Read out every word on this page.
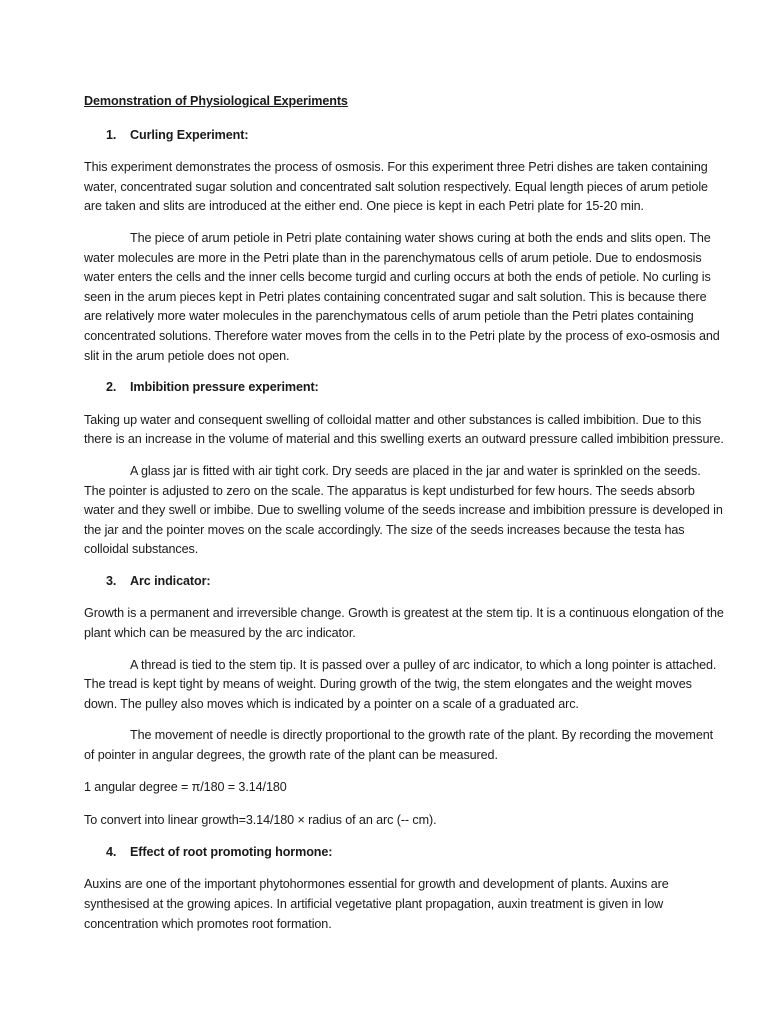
Demonstration of Physiological Experiments
1.	Curling Experiment:

This experiment demonstrates the process of osmosis. For this experiment three Petri dishes are taken containing water, concentrated sugar solution and concentrated salt solution respectively. Equal length pieces of arum petiole are taken and slits are introduced at the either end. One piece is kept in each Petri plate for 15-20 min.

The piece of arum petiole in Petri plate containing water shows curing at both the ends and slits open. The water molecules are more in the Petri plate than in the parenchymatous cells of arum petiole. Due to endosmosis water enters the cells and the inner cells become turgid and curling occurs at both the ends of petiole. No curling is seen in the arum pieces kept in Petri plates containing concentrated sugar and salt solution. This is because there are relatively more water molecules in the parenchymatous cells of arum petiole than the Petri plates containing concentrated solutions. Therefore water moves from the cells in to the Petri plate by the process of exo-osmosis and slit in the arum petiole does not open.

2.	Imbibition pressure experiment:

Taking up water and consequent swelling of colloidal matter and other substances is called imbibition. Due to this there is an increase in the volume of material and this swelling exerts an outward pressure called imbibition pressure.

A glass jar is fitted with air tight cork. Dry seeds are placed in the jar and water is sprinkled on the seeds. The pointer is adjusted to zero on the scale. The apparatus is kept undisturbed for few hours. The seeds absorb water and they swell or imbibe. Due to swelling volume of the seeds increase and imbibition pressure is developed in the jar and the pointer moves on the scale accordingly. The size of the seeds increases because the testa has colloidal substances.

3.	Arc indicator:

Growth is a permanent and irreversible change. Growth is greatest at the stem tip. It is a continuous elongation of the plant which can be measured by the arc indicator.

A thread is tied to the stem tip. It is passed over a pulley of arc indicator, to which a long pointer is attached. The tread is kept tight by means of weight. During growth of the twig, the stem elongates and the weight moves down. The pulley also moves which is indicated by a pointer on a scale of a graduated arc.

The movement of needle is directly proportional to the growth rate of the plant. By recording the movement of pointer in angular degrees, the growth rate of the plant can be measured.

1 angular degree = π/180 = 3.14/180

To convert into linear growth=3.14/180 × radius of an arc (-- cm).

4.	Effect of root promoting hormone:

Auxins are one of the important phytohormones essential for growth and development of plants. Auxins are synthesised at the growing apices. In artificial vegetative plant propagation, auxin treatment is given in low concentration which promotes root formation.
